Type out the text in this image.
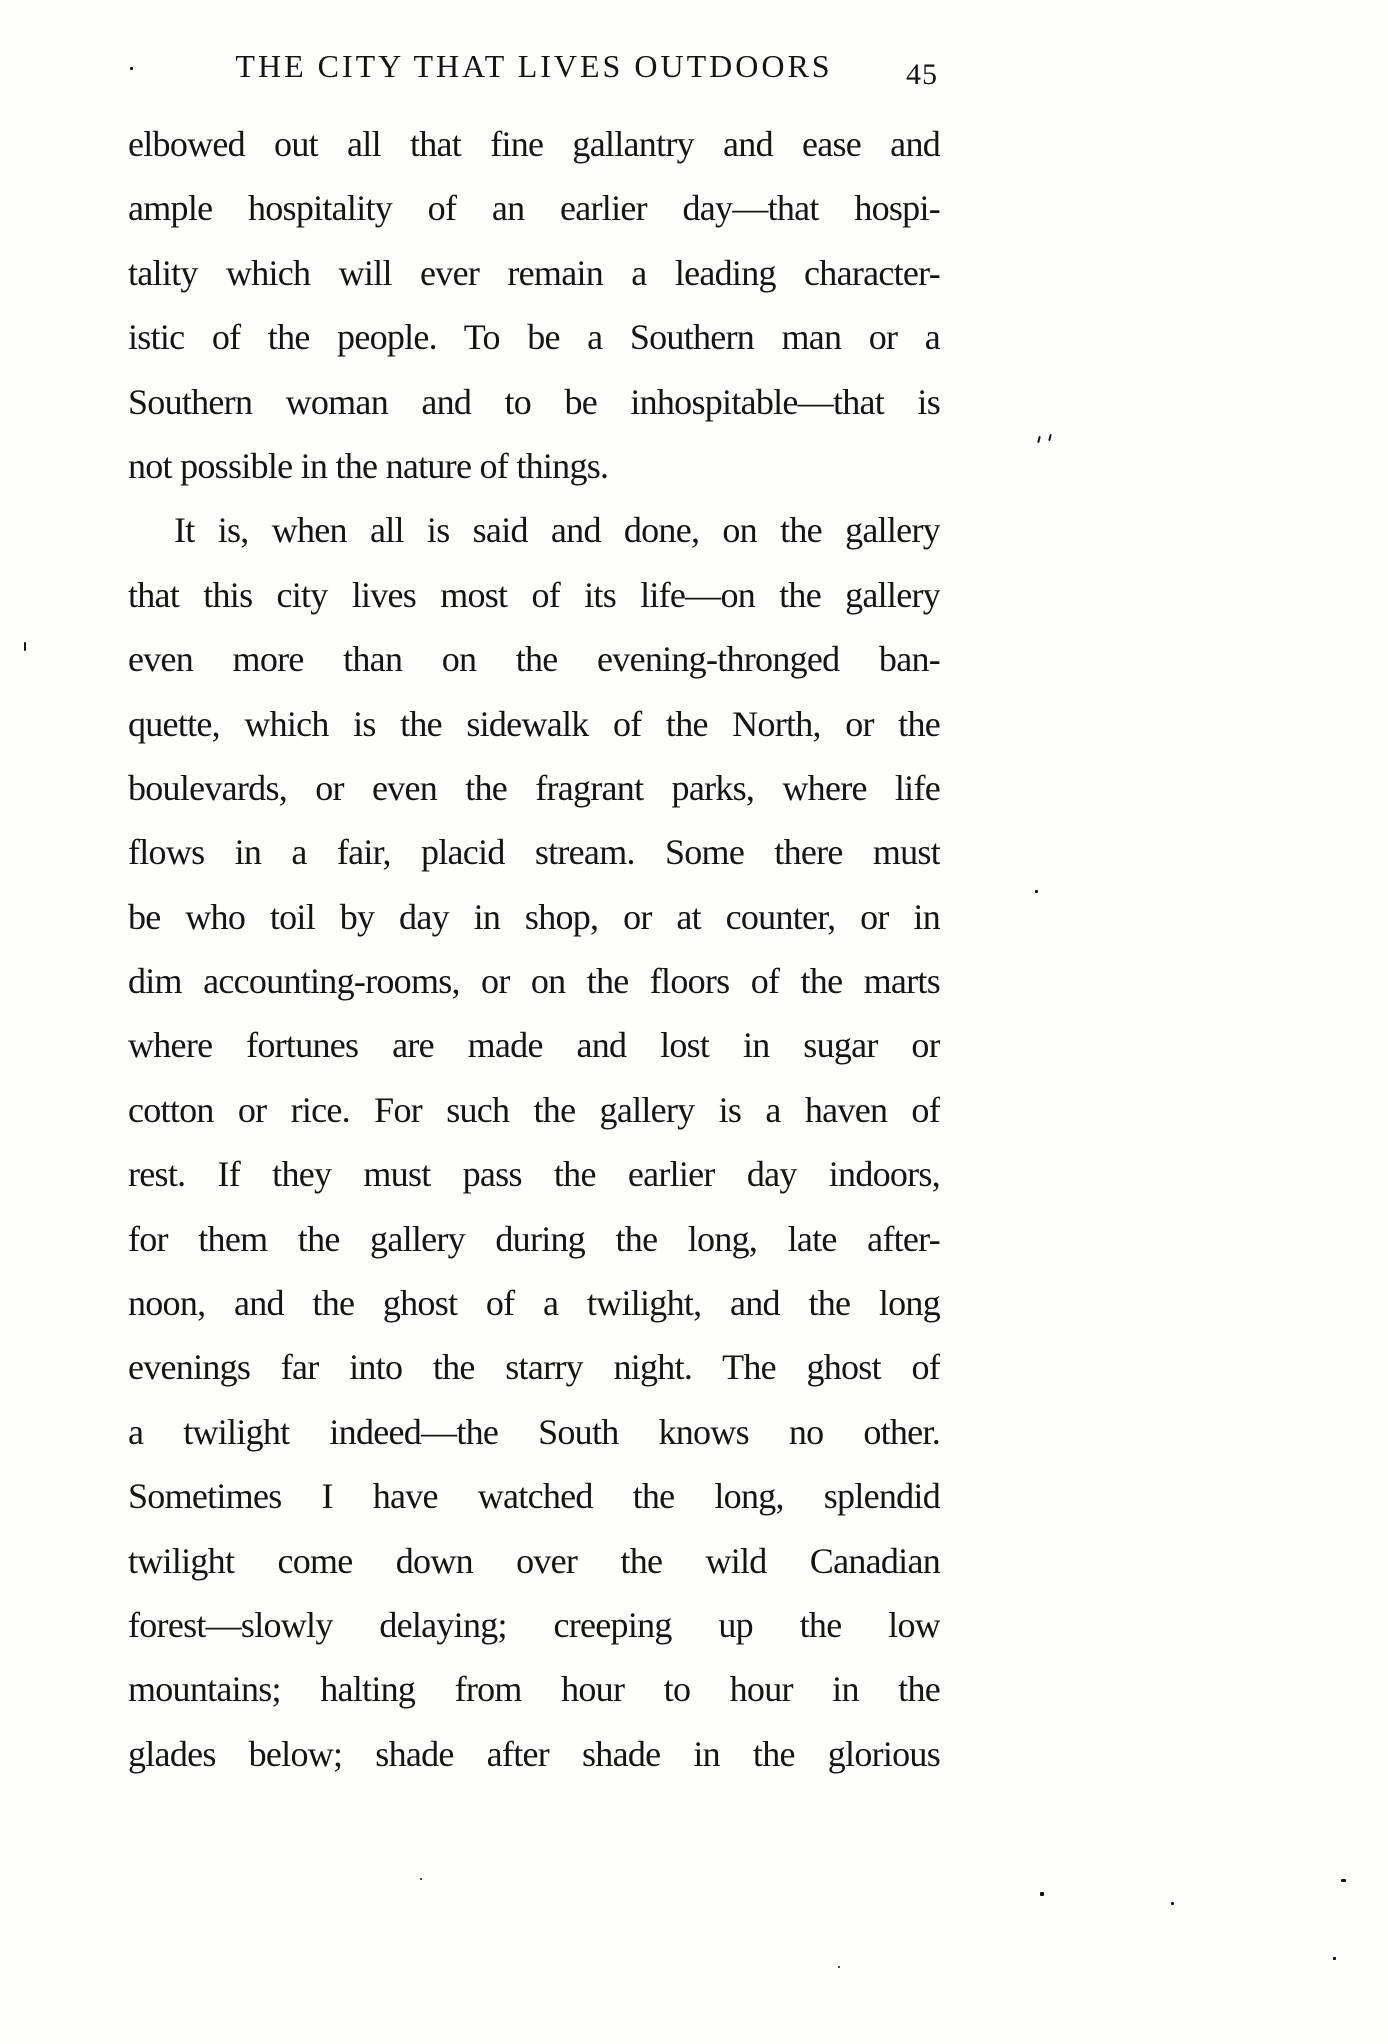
THE CITY THAT LIVES OUTDOORS	45
elbowed out all that fine gallantry and ease and
ample hospitality of an earlier day—that hospi-
tality which will ever remain a leading character-
istic of the people. To be a Southern man or a
Southern woman and to be inhospitable—that is
not possible in the nature of things.
It is, when all is said and done, on the gallery
that this city lives most of its life—on the gallery
even more than on the evening-thronged ban-
quette, which is the sidewalk of the North, or the
boulevards, or even the fragrant parks, where life
flows in a fair, placid stream. Some there must
be who toil by day in shop, or at counter, or in
dim accounting-rooms, or on the floors of the marts
where fortunes are made and lost in sugar or
cotton or rice. For such the gallery is a haven of
rest. If they must pass the earlier day indoors,
for them the gallery during the long, late after-
noon, and the ghost of a twilight, and the long
evenings far into the starry night. The ghost of
a twilight indeed—the South knows no other.
Sometimes I have watched the long, splendid
twilight come down over the wild Canadian
forest—slowly delaying; creeping up the low
mountains; halting from hour to hour in the
glades below; shade after shade in the glorious
